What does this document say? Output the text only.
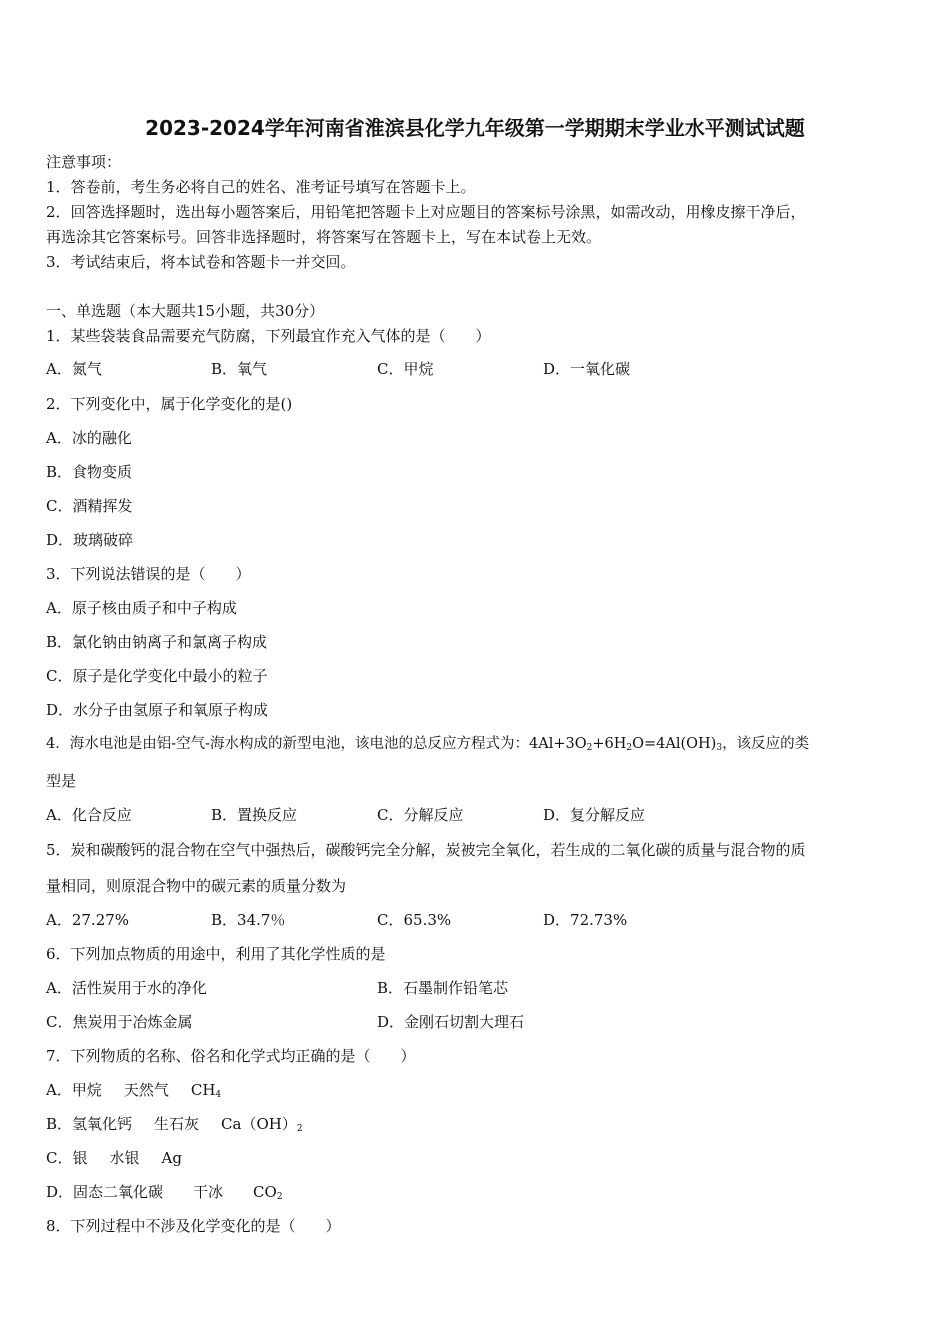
2023-2024学年河南省淮滨县化学九年级第一学期期末学业水平测试试题
注意事项：
1．答卷前，考生务必将自己的姓名、准考证号填写在答题卡上。
2．回答选择题时，选出每小题答案后，用铅笔把答题卡上对应题目的答案标号涂黑，如需改动，用橡皮擦干净后，
再选涂其它答案标号。回答非选择题时，将答案写在答题卡上，写在本试卷上无效。
3．考试结束后，将本试卷和答题卡一并交回。
一、单选题（本大题共15小题，共30分）
1．某些袋装食品需要充气防腐，下列最宜作充入气体的是（　　）
A．氮气	B．氧气	C．甲烷	D．一氧化碳
2．下列变化中，属于化学变化的是()
A．冰的融化
B．食物变质
C．酒精挥发
D．玻璃破碎
3．下列说法错误的是（　　）
A．原子核由质子和中子构成
B．氯化钠由钠离子和氯离子构成
C．原子是化学变化中最小的粒子
D．水分子由氢原子和氧原子构成
4．海水电池是由铝-空气-海水构成的新型电池，该电池的总反应方程式为：$4Al+3O_2+6H_2O=4Al(OH)_3$，该反应的类
型是
A．化合反应	B．置换反应	C．分解反应	D．复分解反应
5．炭和碳酸钙的混合物在空气中强热后，碳酸钙完全分解，炭被完全氧化，若生成的二氧化碳的质量与混合物的质
量相同，则原混合物中的碳元素的质量分数为
A．27.27%	B．34.7％	C．65.3%	D．72.73%
6．下列加点物质的用途中，利用了其化学性质的是
A．活性炭用于水的净化	B．石墨制作铅笔芯
C．焦炭用于冶炼金属	D．金刚石切割大理石
7．下列物质的名称、俗名和化学式均正确的是（　　）
A．甲烷 天然气 $CH_4$
B．氢氧化钙 生石灰 $Ca(OH)_2$
C．银 水银 Ag
D．固态二氧化碳 干冰 $CO_2$
8．下列过程中不涉及化学变化的是（　　）
